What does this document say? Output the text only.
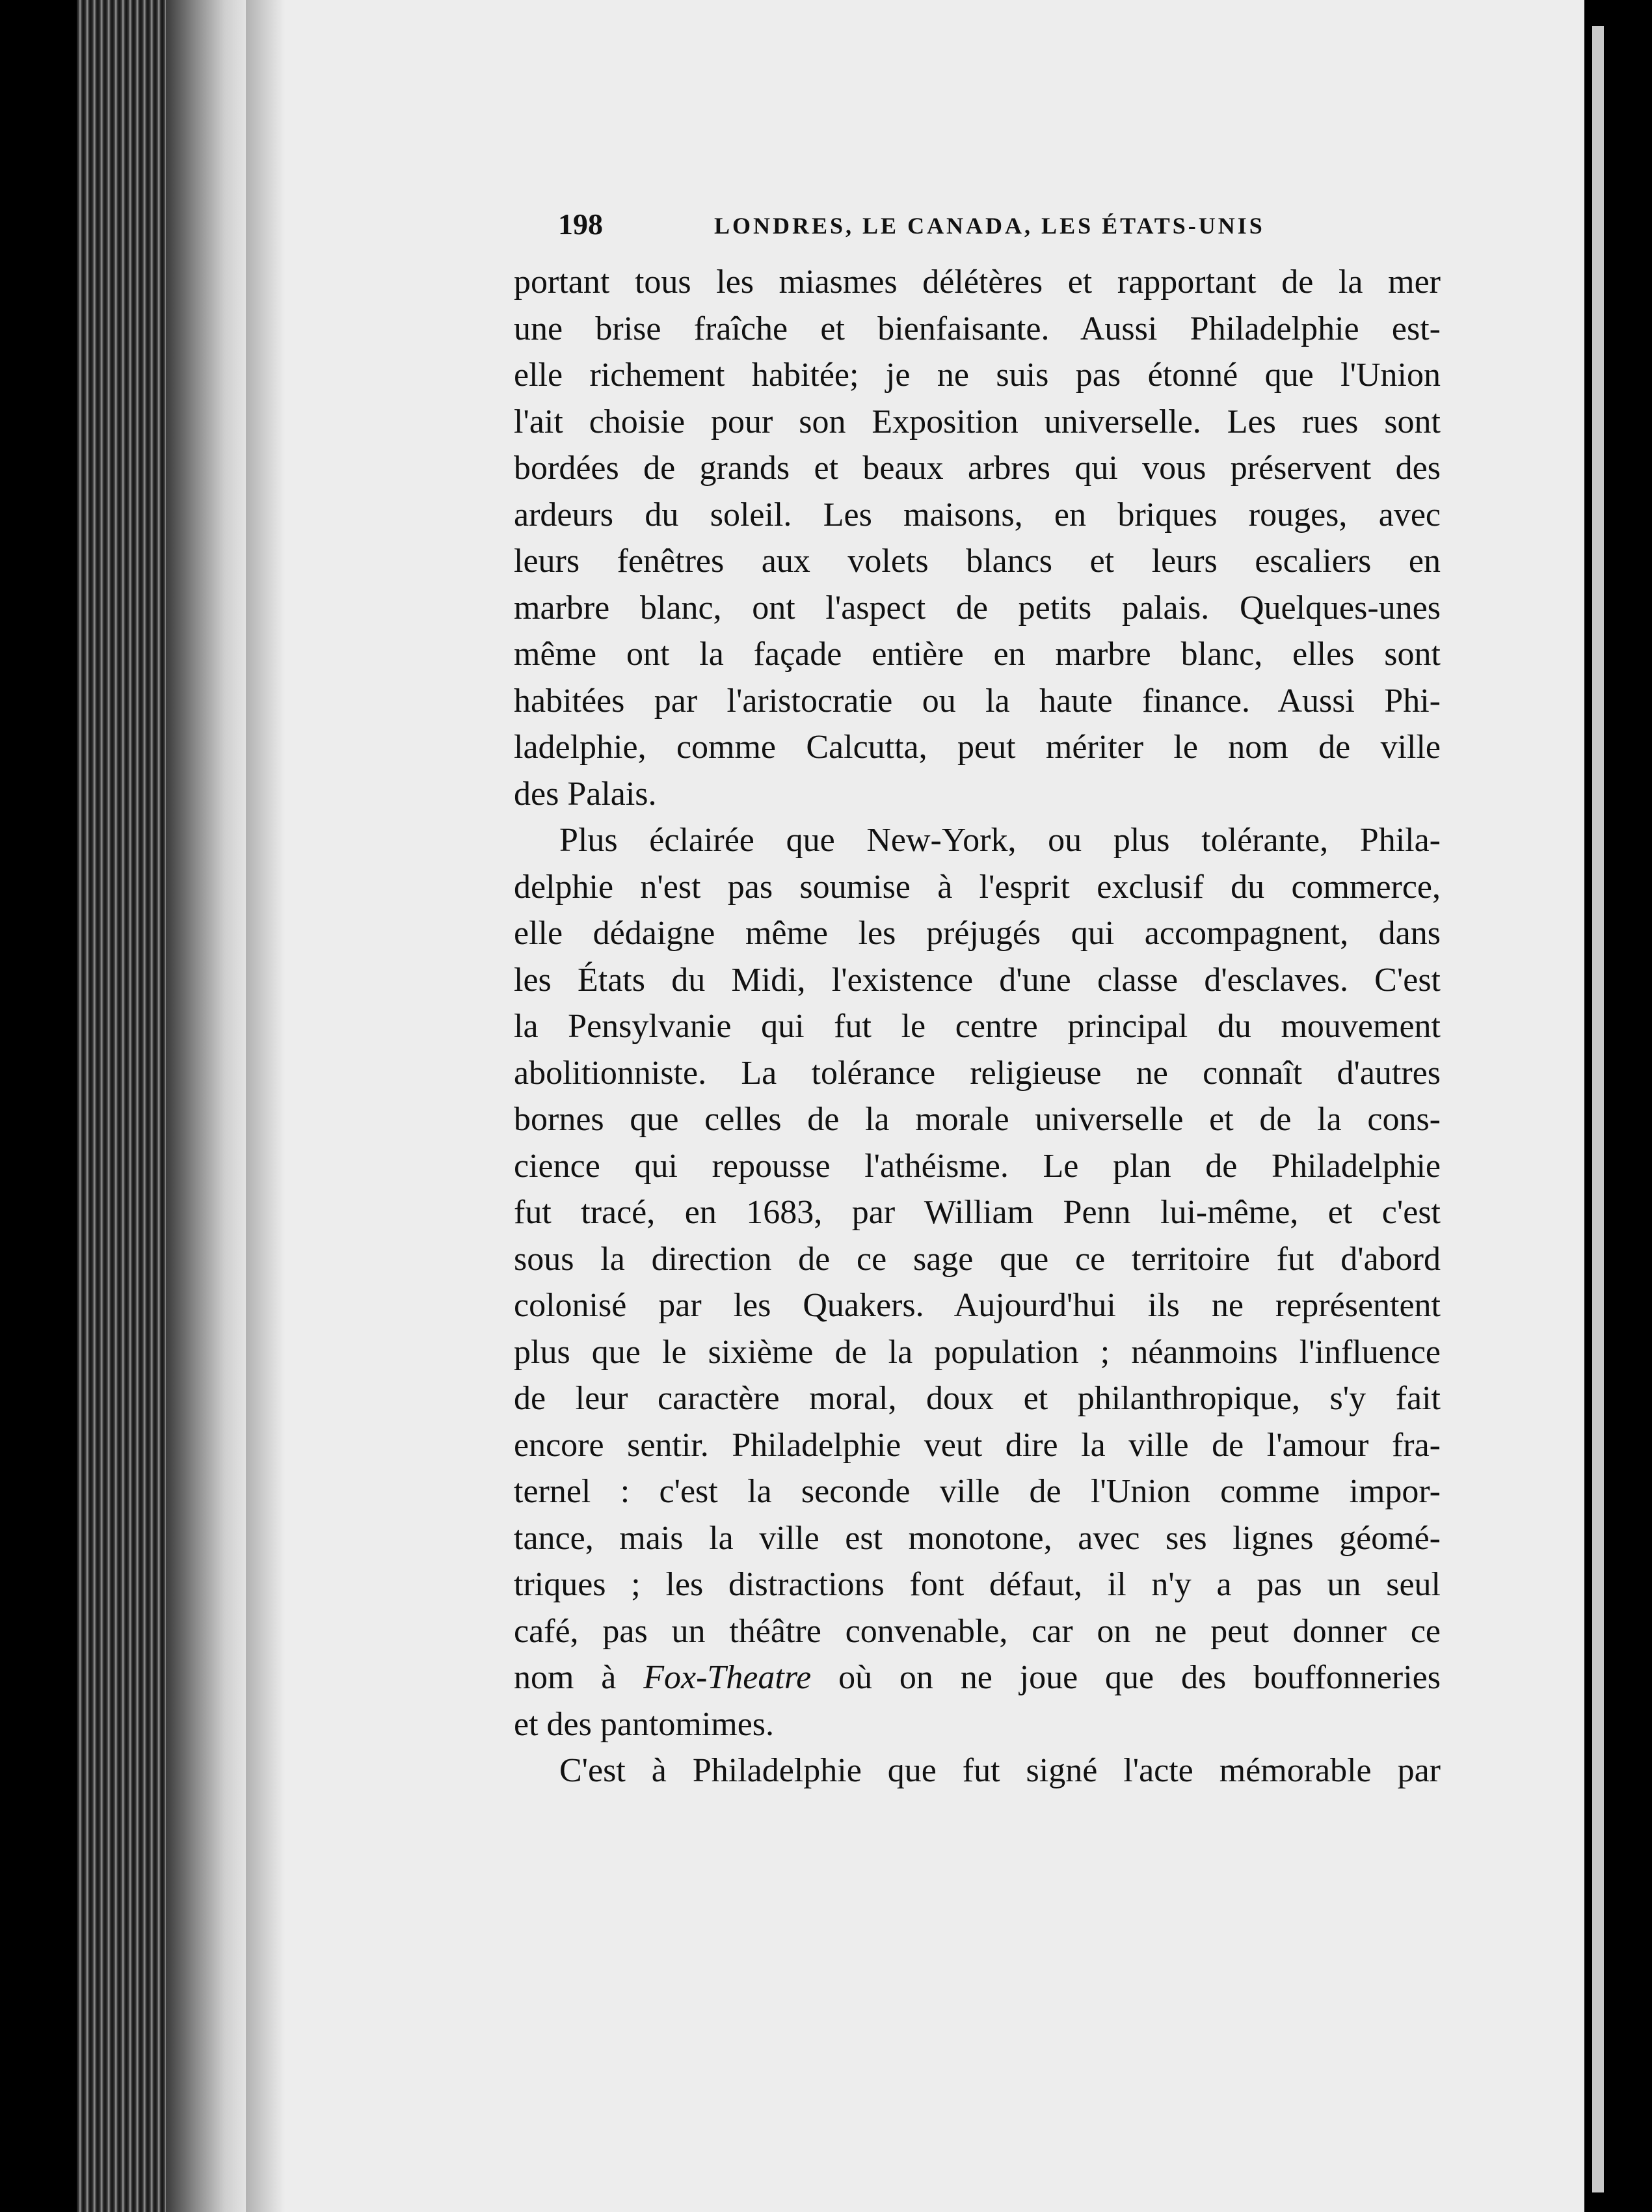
198	LONDRES, LE CANADA, LES ÉTATS-UNIS
portant tous les miasmes délétères et rapportant de la mer
une brise fraîche et bienfaisante. Aussi Philadelphie est-
elle richement habitée; je ne suis pas étonné que l'Union
l'ait choisie pour son Exposition universelle. Les rues sont
bordées de grands et beaux arbres qui vous préservent des
ardeurs du soleil. Les maisons, en briques rouges, avec
leurs fenêtres aux volets blancs et leurs escaliers en
marbre blanc, ont l'aspect de petits palais. Quelques-unes
même ont la façade entière en marbre blanc, elles sont
habitées par l'aristocratie ou la haute finance. Aussi Phi-
ladelphie, comme Calcutta, peut mériter le nom de ville
des Palais.
Plus éclairée que New-York, ou plus tolérante, Phila-
delphie n'est pas soumise à l'esprit exclusif du commerce,
elle dédaigne même les préjugés qui accompagnent, dans
les États du Midi, l'existence d'une classe d'esclaves. C'est
la Pensylvanie qui fut le centre principal du mouvement
abolitionniste. La tolérance religieuse ne connaît d'autres
bornes que celles de la morale universelle et de la cons-
cience qui repousse l'athéisme. Le plan de Philadelphie
fut tracé, en 1683, par William Penn lui-même, et c'est
sous la direction de ce sage que ce territoire fut d'abord
colonisé par les Quakers. Aujourd'hui ils ne représentent
plus que le sixième de la population ; néanmoins l'influence
de leur caractère moral, doux et philanthropique, s'y fait
encore sentir. Philadelphie veut dire la ville de l'amour fra-
ternel : c'est la seconde ville de l'Union comme impor-
tance, mais la ville est monotone, avec ses lignes géomé-
triques ; les distractions font défaut, il n'y a pas un seul
café, pas un théâtre convenable, car on ne peut donner ce
nom à Fox-Theatre où on ne joue que des bouffonneries
et des pantomimes.
C'est à Philadelphie que fut signé l'acte mémorable par
